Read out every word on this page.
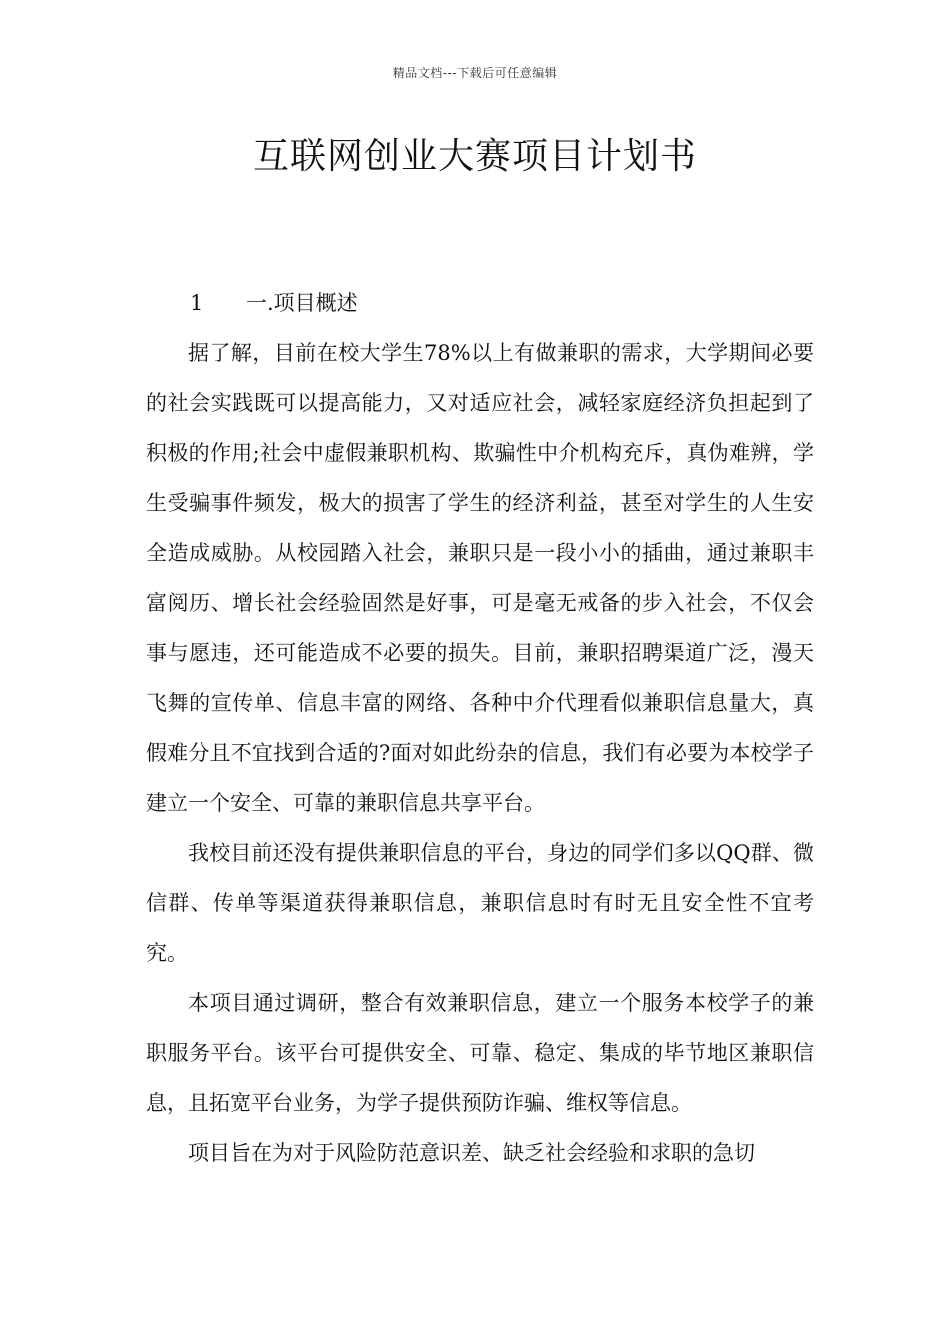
精品文档---下载后可任意编辑
互联网创业大赛项目计划书
1	一.项目概述

据了解，目前在校大学生78%以上有做兼职的需求，大学期间必要的社会实践既可以提高能力，又对适应社会，减轻家庭经济负担起到了积极的作用;社会中虚假兼职机构、欺骗性中介机构充斥，真伪难辨，学生受骗事件频发，极大的损害了学生的经济利益，甚至对学生的人生安全造成威胁。从校园踏入社会，兼职只是一段小小的插曲，通过兼职丰富阅历、增长社会经验固然是好事，可是毫无戒备的步入社会，不仅会事与愿违，还可能造成不必要的损失。目前，兼职招聘渠道广泛，漫天飞舞的宣传单、信息丰富的网络、各种中介代理看似兼职信息量大，真假难分且不宜找到合适的?面对如此纷杂的信息，我们有必要为本校学子建立一个安全、可靠的兼职信息共享平台。

我校目前还没有提供兼职信息的平台，身边的同学们多以QQ群、微信群、传单等渠道获得兼职信息，兼职信息时有时无且安全性不宜考究。

本项目通过调研，整合有效兼职信息，建立一个服务本校学子的兼职服务平台。该平台可提供安全、可靠、稳定、集成的毕节地区兼职信息，且拓宽平台业务，为学子提供预防诈骗、维权等信息。

项目旨在为对于风险防范意识差、缺乏社会经验和求职的急切
